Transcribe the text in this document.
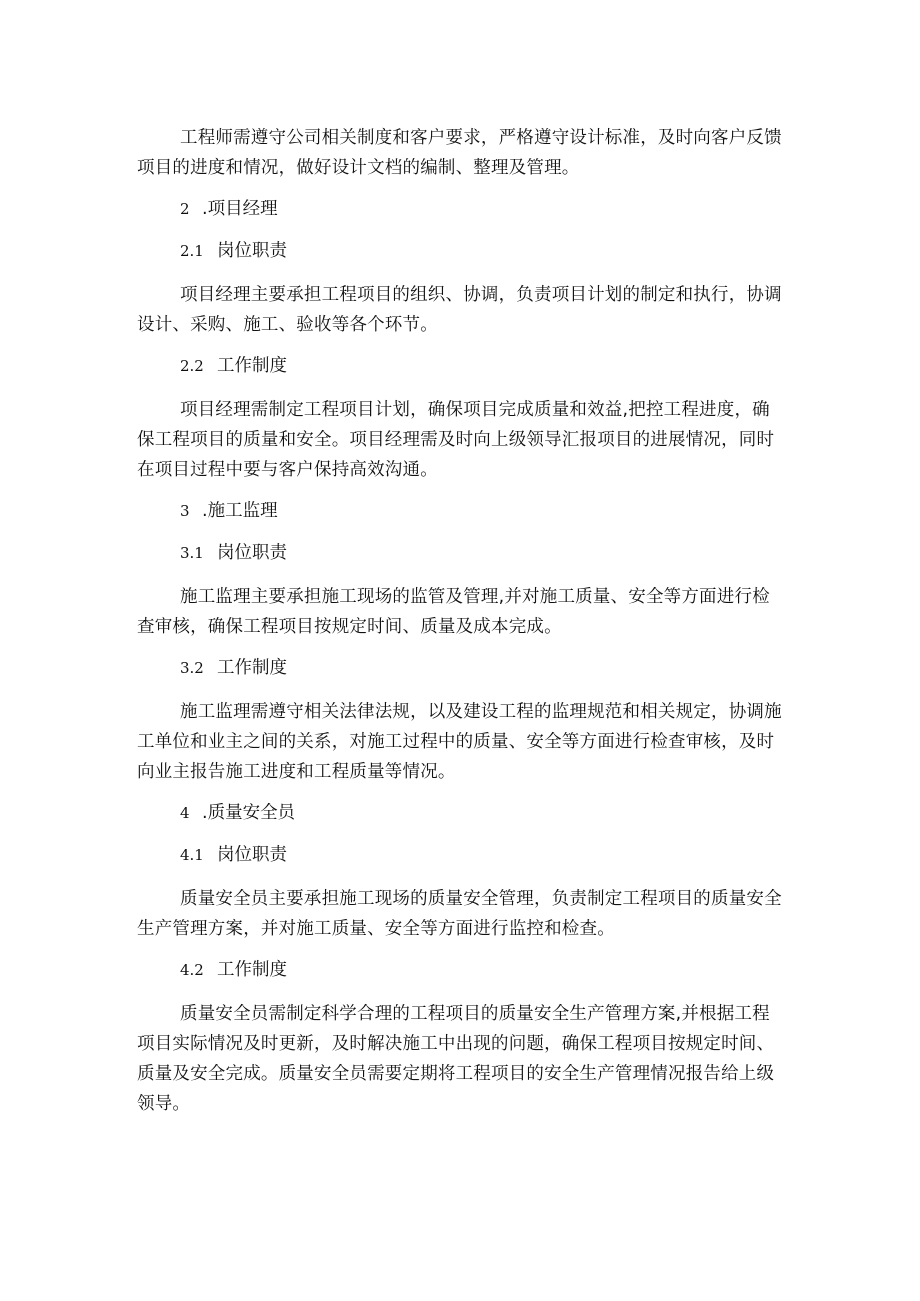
工程师需遵守公司相关制度和客户要求，严格遵守设计标准，及时向客户反馈项目的进度和情况，做好设计文档的编制、整理及管理。

2 .项目经理
2.1 岗位职责

项目经理主要承担工程项目的组织、协调，负责项目计划的制定和执行，协调设计、采购、施工、验收等各个环节。

2.2 工作制度

项目经理需制定工程项目计划，确保项目完成质量和效益,把控工程进度，确保工程项目的质量和安全。项目经理需及时向上级领导汇报项目的进展情况，同时在项目过程中要与客户保持高效沟通。

3 .施工监理
3.1 岗位职责

施工监理主要承担施工现场的监管及管理,并对施工质量、安全等方面进行检查审核，确保工程项目按规定时间、质量及成本完成。

3.2 工作制度

施工监理需遵守相关法律法规，以及建设工程的监理规范和相关规定，协调施工单位和业主之间的关系，对施工过程中的质量、安全等方面进行检查审核，及时向业主报告施工进度和工程质量等情况。

4 .质量安全员
4.1 岗位职责

质量安全员主要承担施工现场的质量安全管理，负责制定工程项目的质量安全生产管理方案，并对施工质量、安全等方面进行监控和检查。

4.2 工作制度

质量安全员需制定科学合理的工程项目的质量安全生产管理方案,并根据工程项目实际情况及时更新，及时解决施工中出现的问题，确保工程项目按规定时间、质量及安全完成。质量安全员需要定期将工程项目的安全生产管理情况报告给上级领导。
